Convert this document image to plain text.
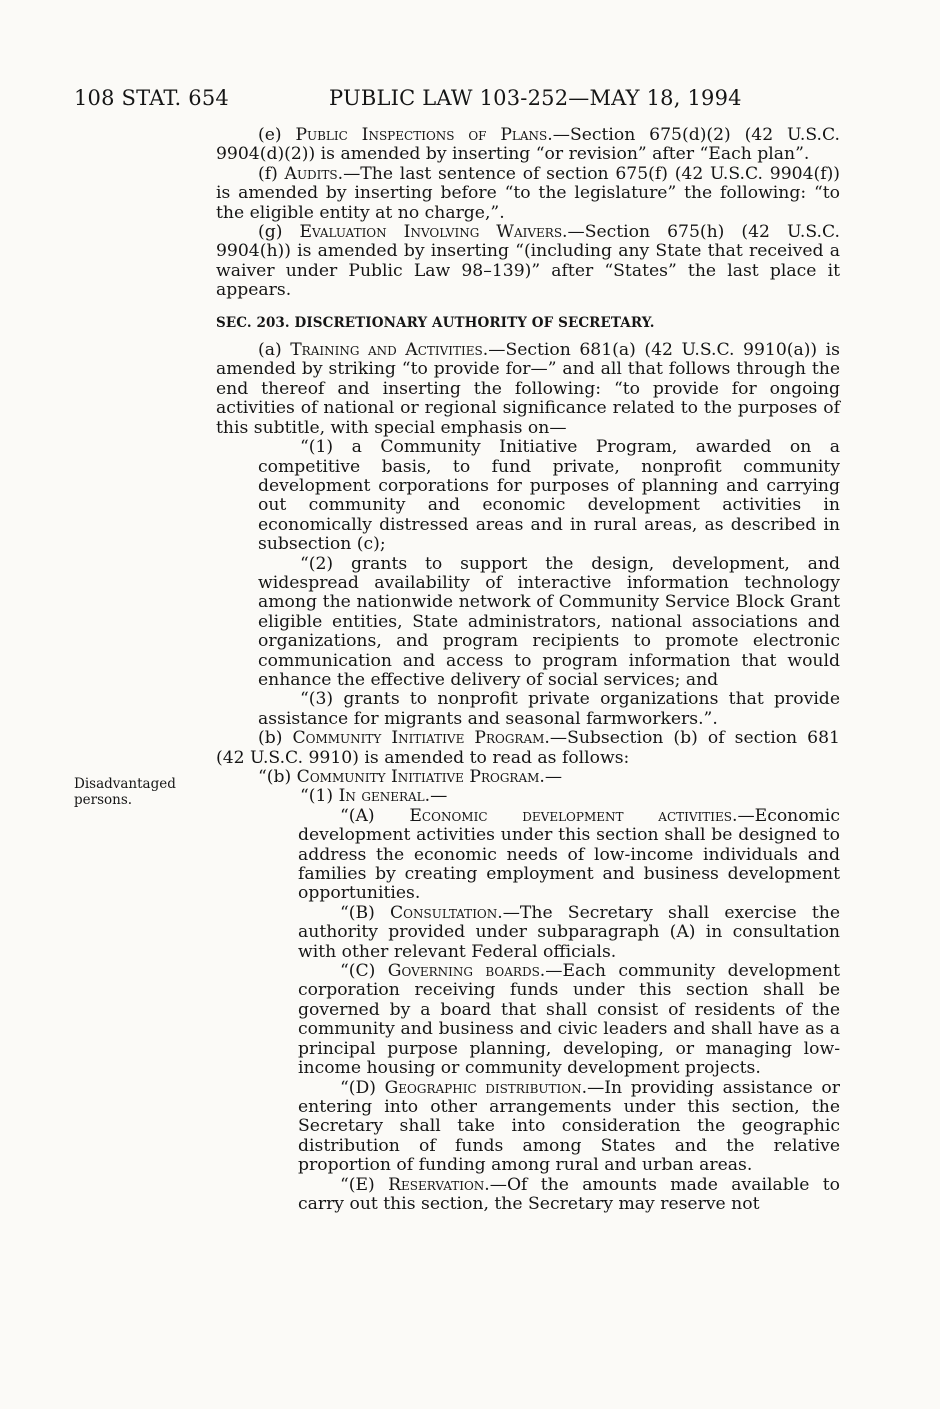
108 STAT. 654	PUBLIC LAW 103-252—MAY 18, 1994
Disadvantaged
persons.

(e) Public Inspections of Plans.—Section 675(d)(2) (42 U.S.C. 9904(d)(2)) is amended by inserting “or revision” after “Each plan”.

(f) Audits.—The last sentence of section 675(f) (42 U.S.C. 9904(f)) is amended by inserting before “to the legislature” the following: “to the eligible entity at no charge,”.

(g) Evaluation Involving Waivers.—Section 675(h) (42 U.S.C. 9904(h)) is amended by inserting “(including any State that received a waiver under Public Law 98–139)” after “States” the last place it appears.

SEC. 203. DISCRETIONARY AUTHORITY OF SECRETARY.

(a) Training and Activities.—Section 681(a) (42 U.S.C. 9910(a)) is amended by striking “to provide for—” and all that follows through the end thereof and inserting the following: “to provide for ongoing activities of national or regional significance related to the purposes of this subtitle, with special emphasis on—

“(1) a Community Initiative Program, awarded on a competitive basis, to fund private, nonprofit community development corporations for purposes of planning and carrying out community and economic development activities in economically distressed areas and in rural areas, as described in subsection (c);

“(2) grants to support the design, development, and widespread availability of interactive information technology among the nationwide network of Community Service Block Grant eligible entities, State administrators, national associations and organizations, and program recipients to promote electronic communication and access to program information that would enhance the effective delivery of social services; and

“(3) grants to nonprofit private organizations that provide assistance for migrants and seasonal farmworkers.”.

(b) Community Initiative Program.—Subsection (b) of section 681 (42 U.S.C. 9910) is amended to read as follows:

“(b) Community Initiative Program.—

“(1) In general.—

“(A) Economic development activities.—Economic development activities under this section shall be designed to address the economic needs of low-income individuals and families by creating employment and business development opportunities.

“(B) Consultation.—The Secretary shall exercise the authority provided under subparagraph (A) in consultation with other relevant Federal officials.

“(C) Governing boards.—Each community development corporation receiving funds under this section shall be governed by a board that shall consist of residents of the community and business and civic leaders and shall have as a principal purpose planning, developing, or managing low-income housing or community development projects.

“(D) Geographic distribution.—In providing assistance or entering into other arrangements under this section, the Secretary shall take into consideration the geographic distribution of funds among States and the relative proportion of funding among rural and urban areas.

“(E) Reservation.—Of the amounts made available to carry out this section, the Secretary may reserve not
